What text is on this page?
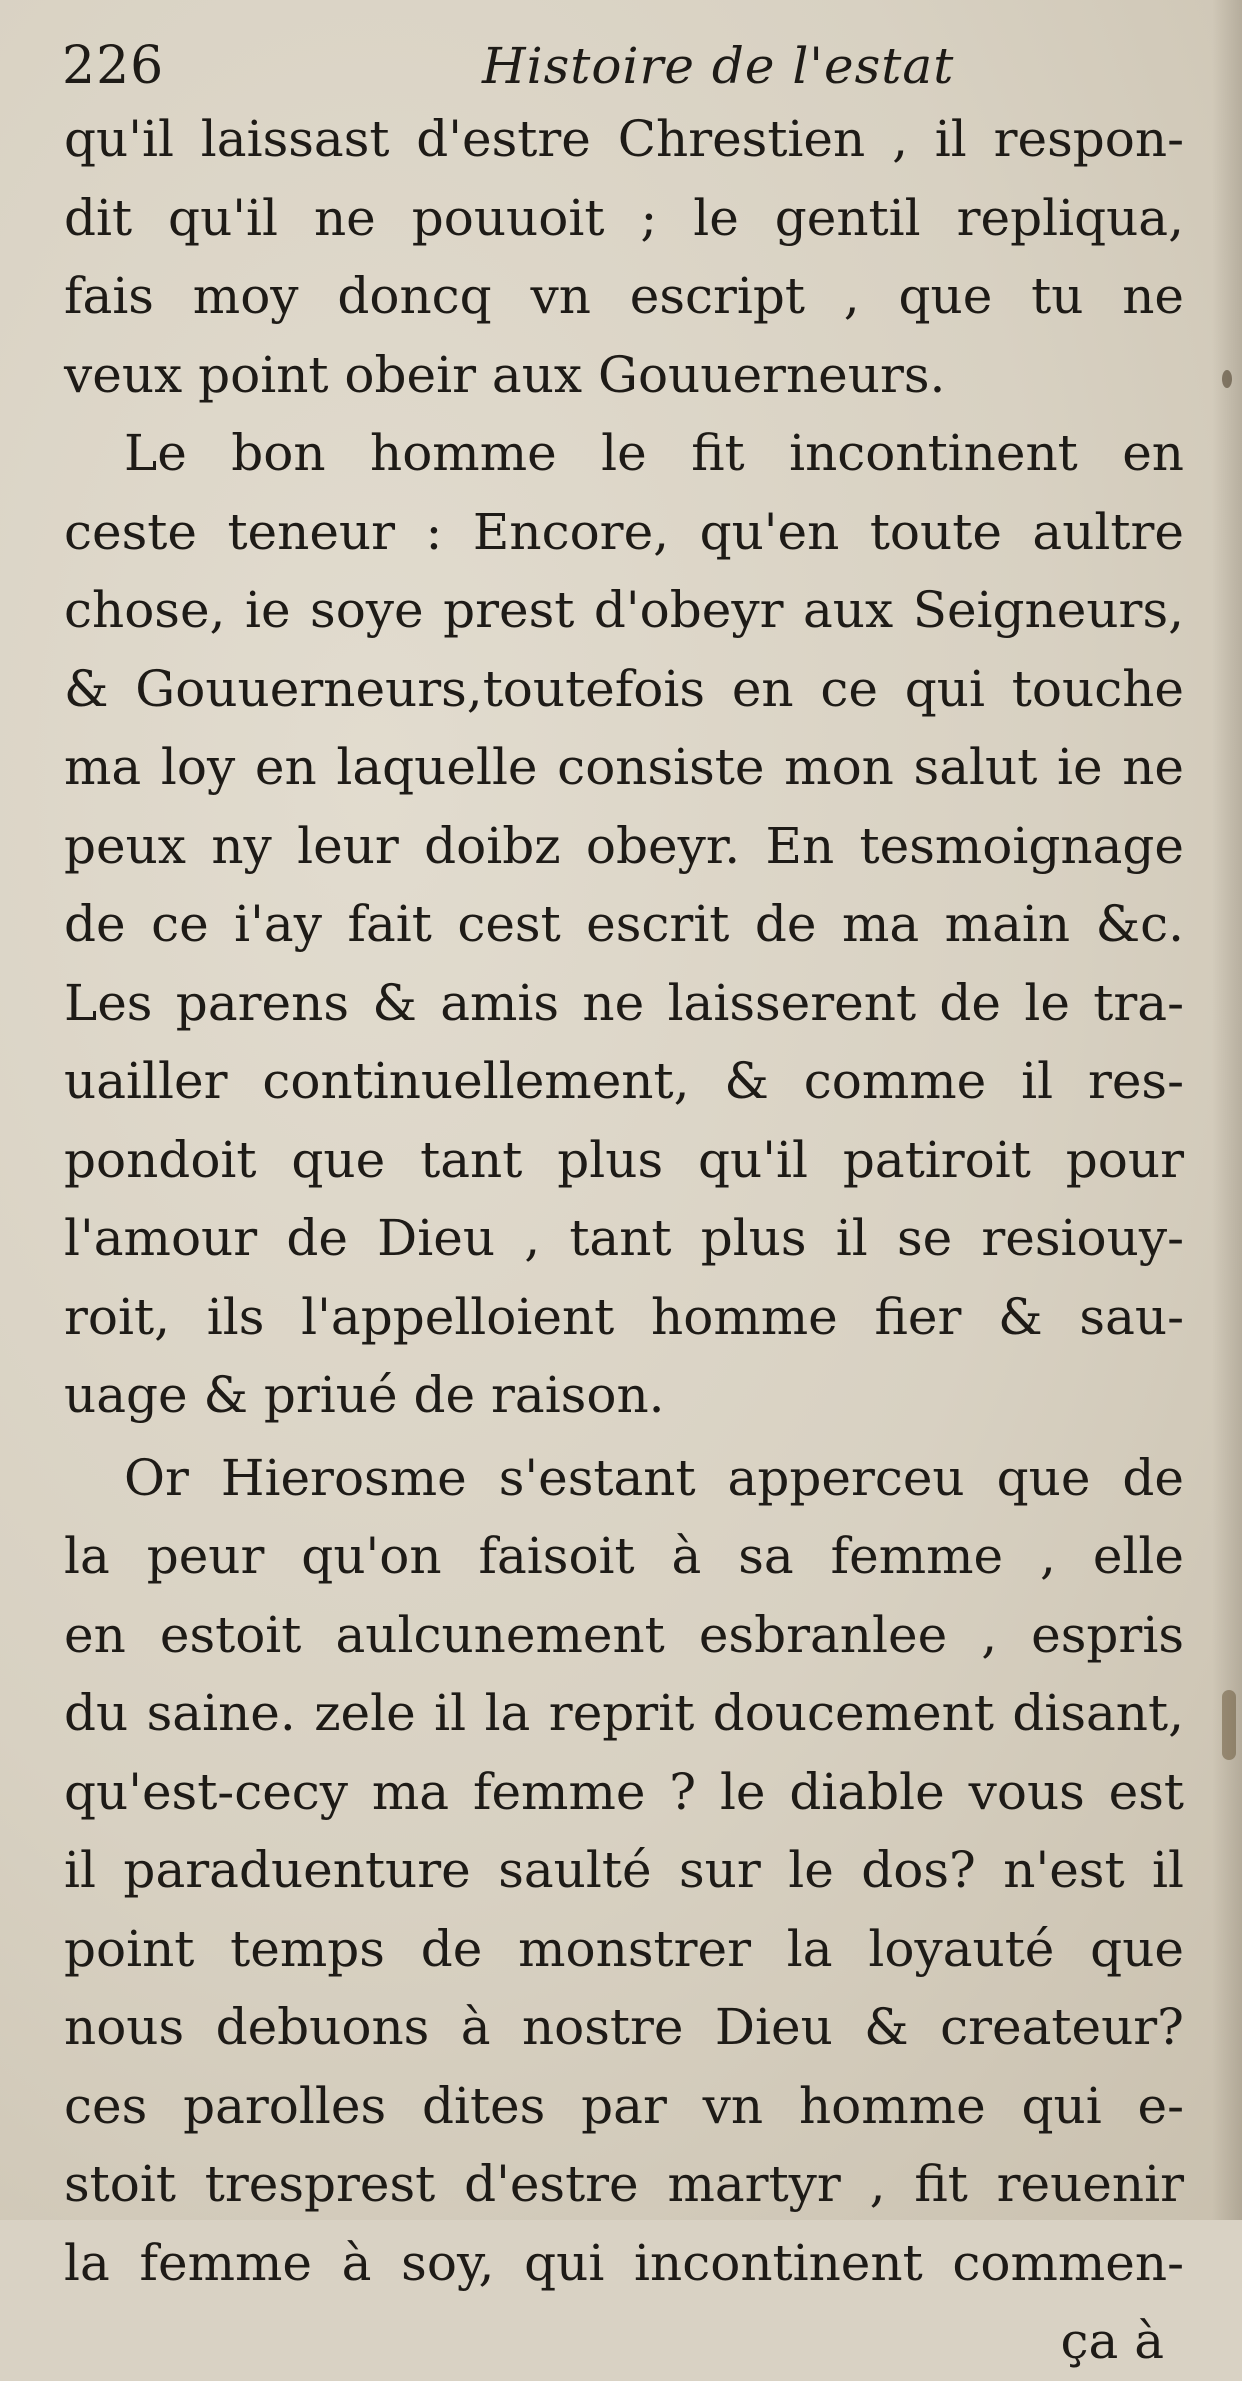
226	Histoire de l'estat
qu'il laissast d'estre Chrestien , il respon-
dit qu'il ne pouuoit ; le gentil repliqua,
fais moy doncq vn escript , que tu ne
veux point obeir aux Gouuerneurs.
Le bon homme le fit incontinent en
ceste teneur : Encore, qu'en toute aultre
chose, ie soye prest d'obeyr aux Seigneurs,
& Gouuerneurs,toutefois en ce qui touche
ma loy en laquelle consiste mon salut ie ne
peux ny leur doibz obeyr. En tesmoignage
de ce i'ay fait cest escrit de ma main &c.
Les parens & amis ne laisserent de le tra-
uailler continuellement, & comme il res-
pondoit que tant plus qu'il patiroit pour
l'amour de Dieu , tant plus il se resiouy-
roit, ils l'appelloient homme fier & sau-
uage & priué de raison.
Or Hierosme s'estant apperceu que de
la peur qu'on faisoit à sa femme , elle
en estoit aulcunement esbranlee , espris
du saine. zele il la reprit doucement disant,
qu'est-cecy ma femme ? le diable vous est
il paraduenture saulté sur le dos? n'est il
point temps de monstrer la loyauté que
nous debuons à nostre Dieu & createur?
ces parolles dites par vn homme qui e-
stoit tresprest d'estre martyr , fit reuenir
la femme à soy, qui incontinent commen-
ça à
